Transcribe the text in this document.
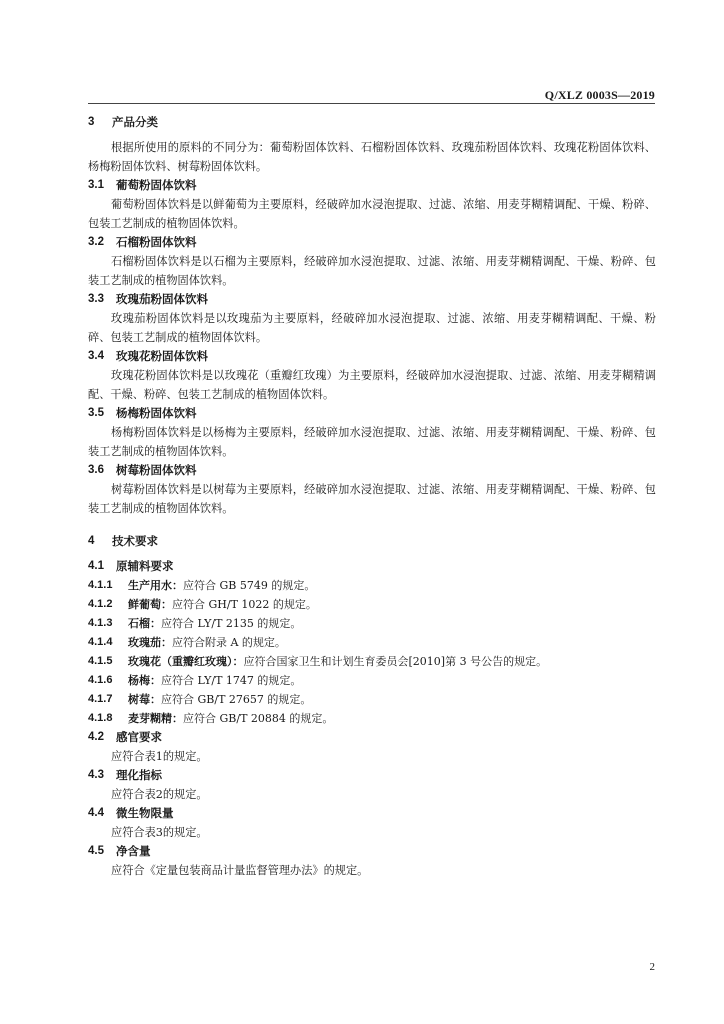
Q/XLZ 0003S—2019
3	产品分类

根据所使用的原料的不同分为：葡萄粉固体饮料、石榴粉固体饮料、玫瑰茄粉固体饮料、玫瑰花粉固体饮料、杨梅粉固体饮料、树莓粉固体饮料。

3.1	葡萄粉固体饮料

葡萄粉固体饮料是以鲜葡萄为主要原料，经破碎加水浸泡提取、过滤、浓缩、用麦芽糊精调配、干燥、粉碎、包装工艺制成的植物固体饮料。

3.2	石榴粉固体饮料

石榴粉固体饮料是以石榴为主要原料，经破碎加水浸泡提取、过滤、浓缩、用麦芽糊精调配、干燥、粉碎、包装工艺制成的植物固体饮料。

3.3	玫瑰茄粉固体饮料

玫瑰茄粉固体饮料是以玫瑰茄为主要原料，经破碎加水浸泡提取、过滤、浓缩、用麦芽糊精调配、干燥、粉碎、包装工艺制成的植物固体饮料。

3.4	玫瑰花粉固体饮料

玫瑰花粉固体饮料是以玫瑰花（重瓣红玫瑰）为主要原料，经破碎加水浸泡提取、过滤、浓缩、用麦芽糊精调配、干燥、粉碎、包装工艺制成的植物固体饮料。

3.5	杨梅粉固体饮料

杨梅粉固体饮料是以杨梅为主要原料，经破碎加水浸泡提取、过滤、浓缩、用麦芽糊精调配、干燥、粉碎、包装工艺制成的植物固体饮料。

3.6	树莓粉固体饮料

树莓粉固体饮料是以树莓为主要原料，经破碎加水浸泡提取、过滤、浓缩、用麦芽糊精调配、干燥、粉碎、包装工艺制成的植物固体饮料。

4	技术要求
4.1	原辅料要求
4.1.1	生产用水： 应符合 GB 5749 的规定。
4.1.2	鲜葡萄： 应符合 GH/T 1022 的规定。
4.1.3	石榴： 应符合 LY/T 2135 的规定。
4.1.4	玫瑰茄： 应符合附录 A 的规定。
4.1.5	玫瑰花（重瓣红玫瑰）： 应符合国家卫生和计划生育委员会[2010]第 3 号公告的规定。
4.1.6	杨梅： 应符合 LY/T 1747 的规定。
4.1.7	树莓： 应符合 GB/T 27657 的规定。
4.1.8	麦芽糊精： 应符合 GB/T 20884 的规定。
4.2	感官要求

应符合表1的规定。

4.3	理化指标

应符合表2的规定。

4.4	微生物限量

应符合表3的规定。

4.5	净含量

应符合《定量包装商品计量监督管理办法》的规定。

2
